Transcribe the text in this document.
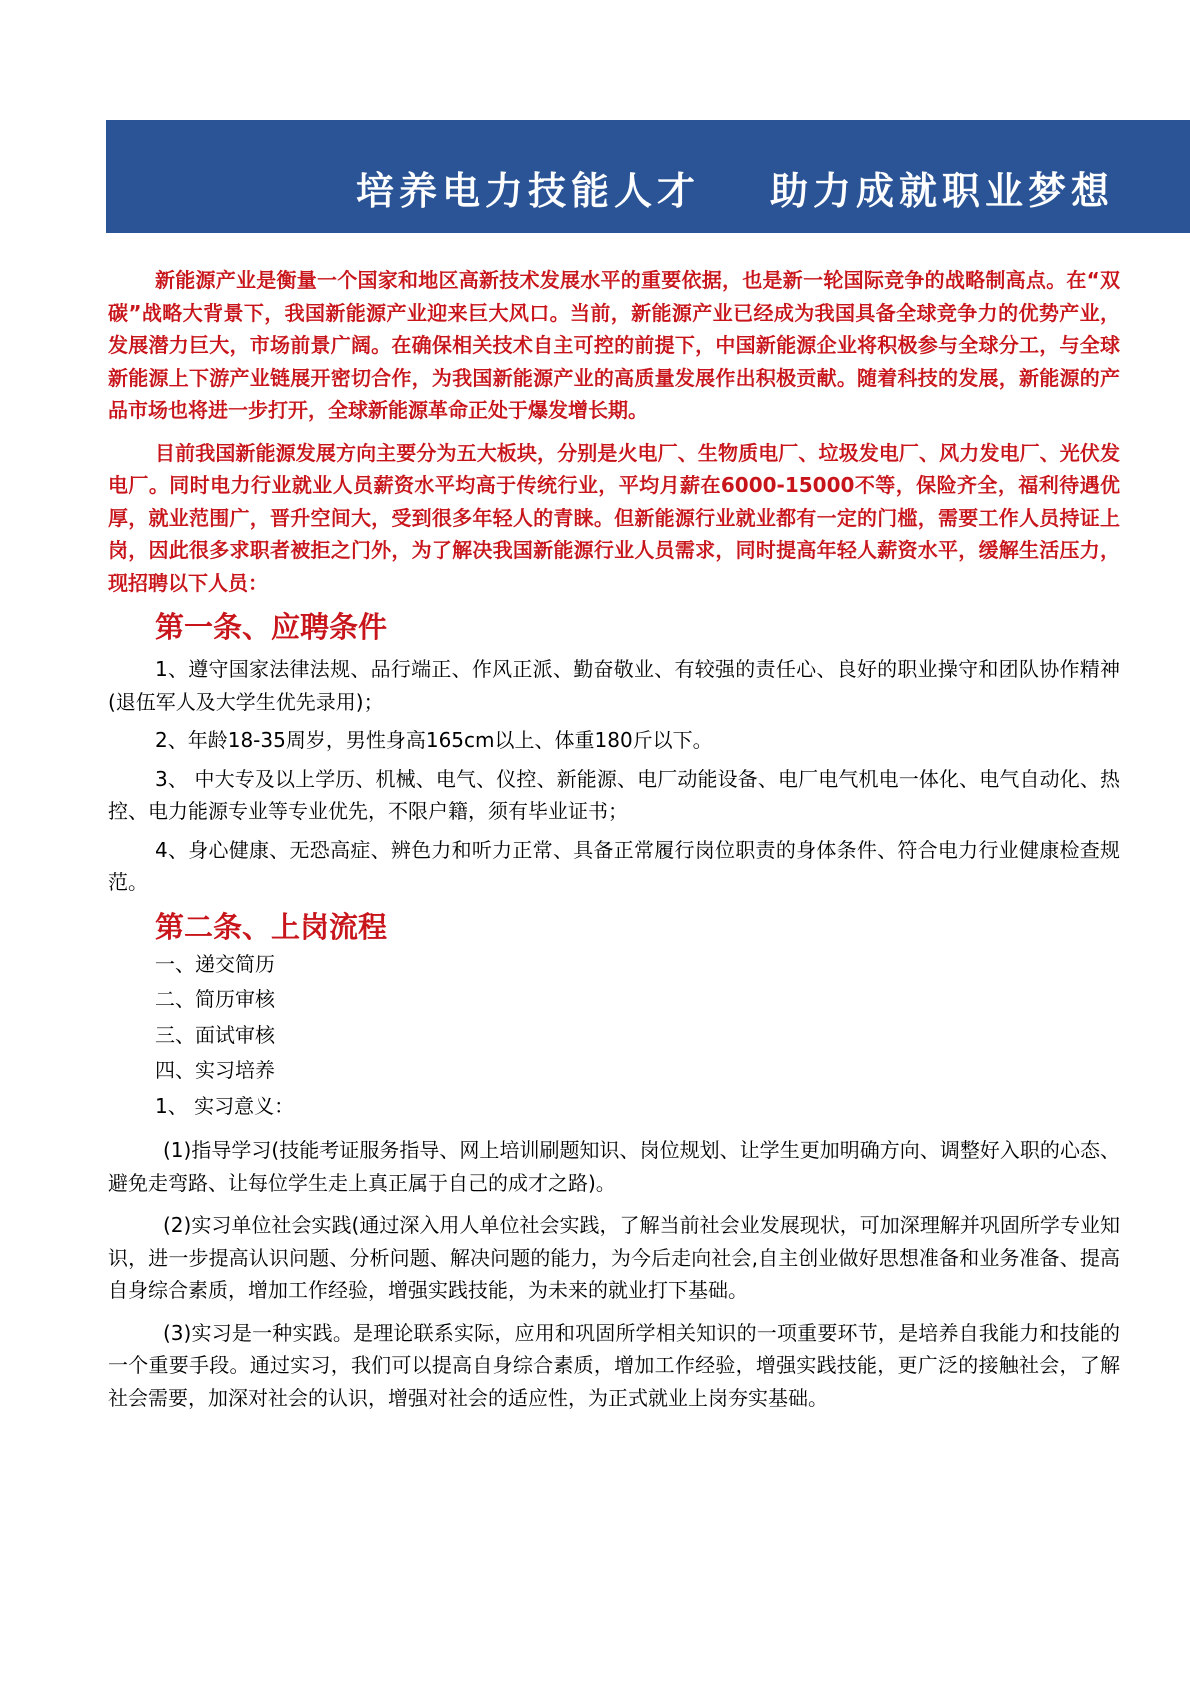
培养电力技能人才 助力成就职业梦想

新能源产业是衡量一个国家和地区高新技术发展水平的重要依据，也是新一轮国际竞争的战略制高点。在“双碳”战略大背景下，我国新能源产业迎来巨大风口。当前，新能源产业已经成为我国具备全球竞争力的优势产业，发展潜力巨大，市场前景广阔。在确保相关技术自主可控的前提下，中国新能源企业将积极参与全球分工，与全球新能源上下游产业链展开密切合作，为我国新能源产业的高质量发展作出积极贡献。随着科技的发展，新能源的产品市场也将进一步打开，全球新能源革命正处于爆发增长期。

目前我国新能源发展方向主要分为五大板块，分别是火电厂、生物质电厂、垃圾发电厂、风力发电厂、光伏发电厂。同时电力行业就业人员薪资水平均高于传统行业，平均月薪在6000-15000不等，保险齐全，福利待遇优厚，就业范围广，晋升空间大，受到很多年轻人的青睐。但新能源行业就业都有一定的门槛，需要工作人员持证上岗，因此很多求职者被拒之门外，为了解决我国新能源行业人员需求，同时提高年轻人薪资水平，缓解生活压力，现招聘以下人员：

第一条、应聘条件

1、遵守国家法律法规、品行端正、作风正派、勤奋敬业、有较强的责任心、良好的职业操守和团队协作精神(退伍军人及大学生优先录用)；

2、年龄18-35周岁，男性身高165cm以上、体重180斤以下。

3、 中大专及以上学历、机械、电气、仪控、新能源、电厂动能设备、电厂电气机电一体化、电气自动化、热控、电力能源专业等专业优先，不限户籍，须有毕业证书；

4、身心健康、无恐高症、辨色力和听力正常、具备正常履行岗位职责的身体条件、符合电力行业健康检查规范。

第二条、上岗流程

一、递交简历

二、简历审核

三、面试审核

四、实习培养

1、 实习意义：

(1)指导学习(技能考证服务指导、网上培训刷题知识、岗位规划、让学生更加明确方向、调整好入职的心态、避免走弯路、让每位学生走上真正属于自己的成才之路)。

(2)实习单位社会实践(通过深入用人单位社会实践，了解当前社会业发展现状，可加深理解并巩固所学专业知识，进一步提高认识问题、分析问题、解决问题的能力，为今后走向社会,自主创业做好思想准备和业务准备、提高自身综合素质，增加工作经验，增强实践技能，为未来的就业打下基础。

(3)实习是一种实践。是理论联系实际，应用和巩固所学相关知识的一项重要环节，是培养自我能力和技能的一个重要手段。通过实习，我们可以提高自身综合素质，增加工作经验，增强实践技能，更广泛的接触社会，了解社会需要，加深对社会的认识，增强对社会的适应性，为正式就业上岗夯实基础。
